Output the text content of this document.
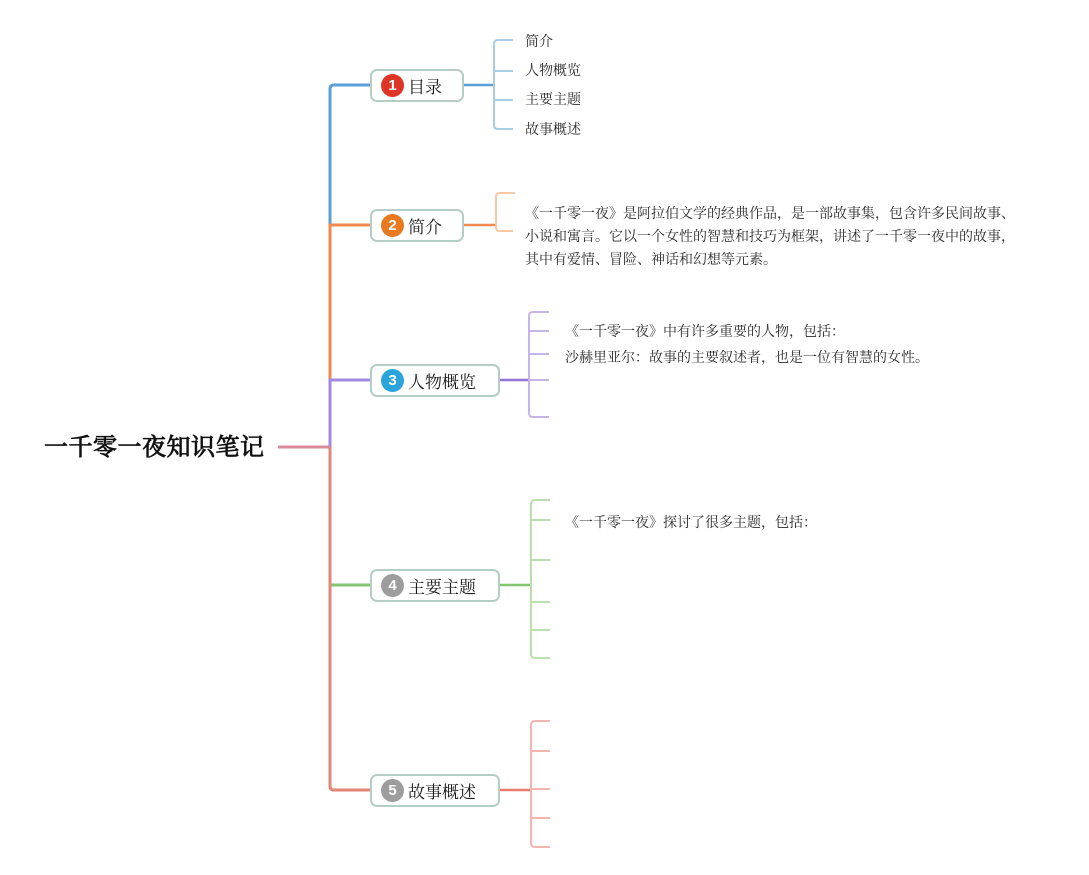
一千零一夜知识笔记
1 目录
2 简介
3 人物概览
4 主要主题
5 故事概述
简介
人物概览
主要主题
故事概述
《一千零一夜》是阿拉伯文学的经典作品，是一部故事集，包含许多民间故事、小说和寓言。它以一个女性的智慧和技巧为框架，讲述了一千零一夜中的故事，其中有爱情、冒险、神话和幻想等元素。
《一千零一夜》中有许多重要的人物，包括：
沙赫里亚尔：故事的主要叙述者，也是一位有智慧的女性。
《一千零一夜》探讨了很多主题，包括：
